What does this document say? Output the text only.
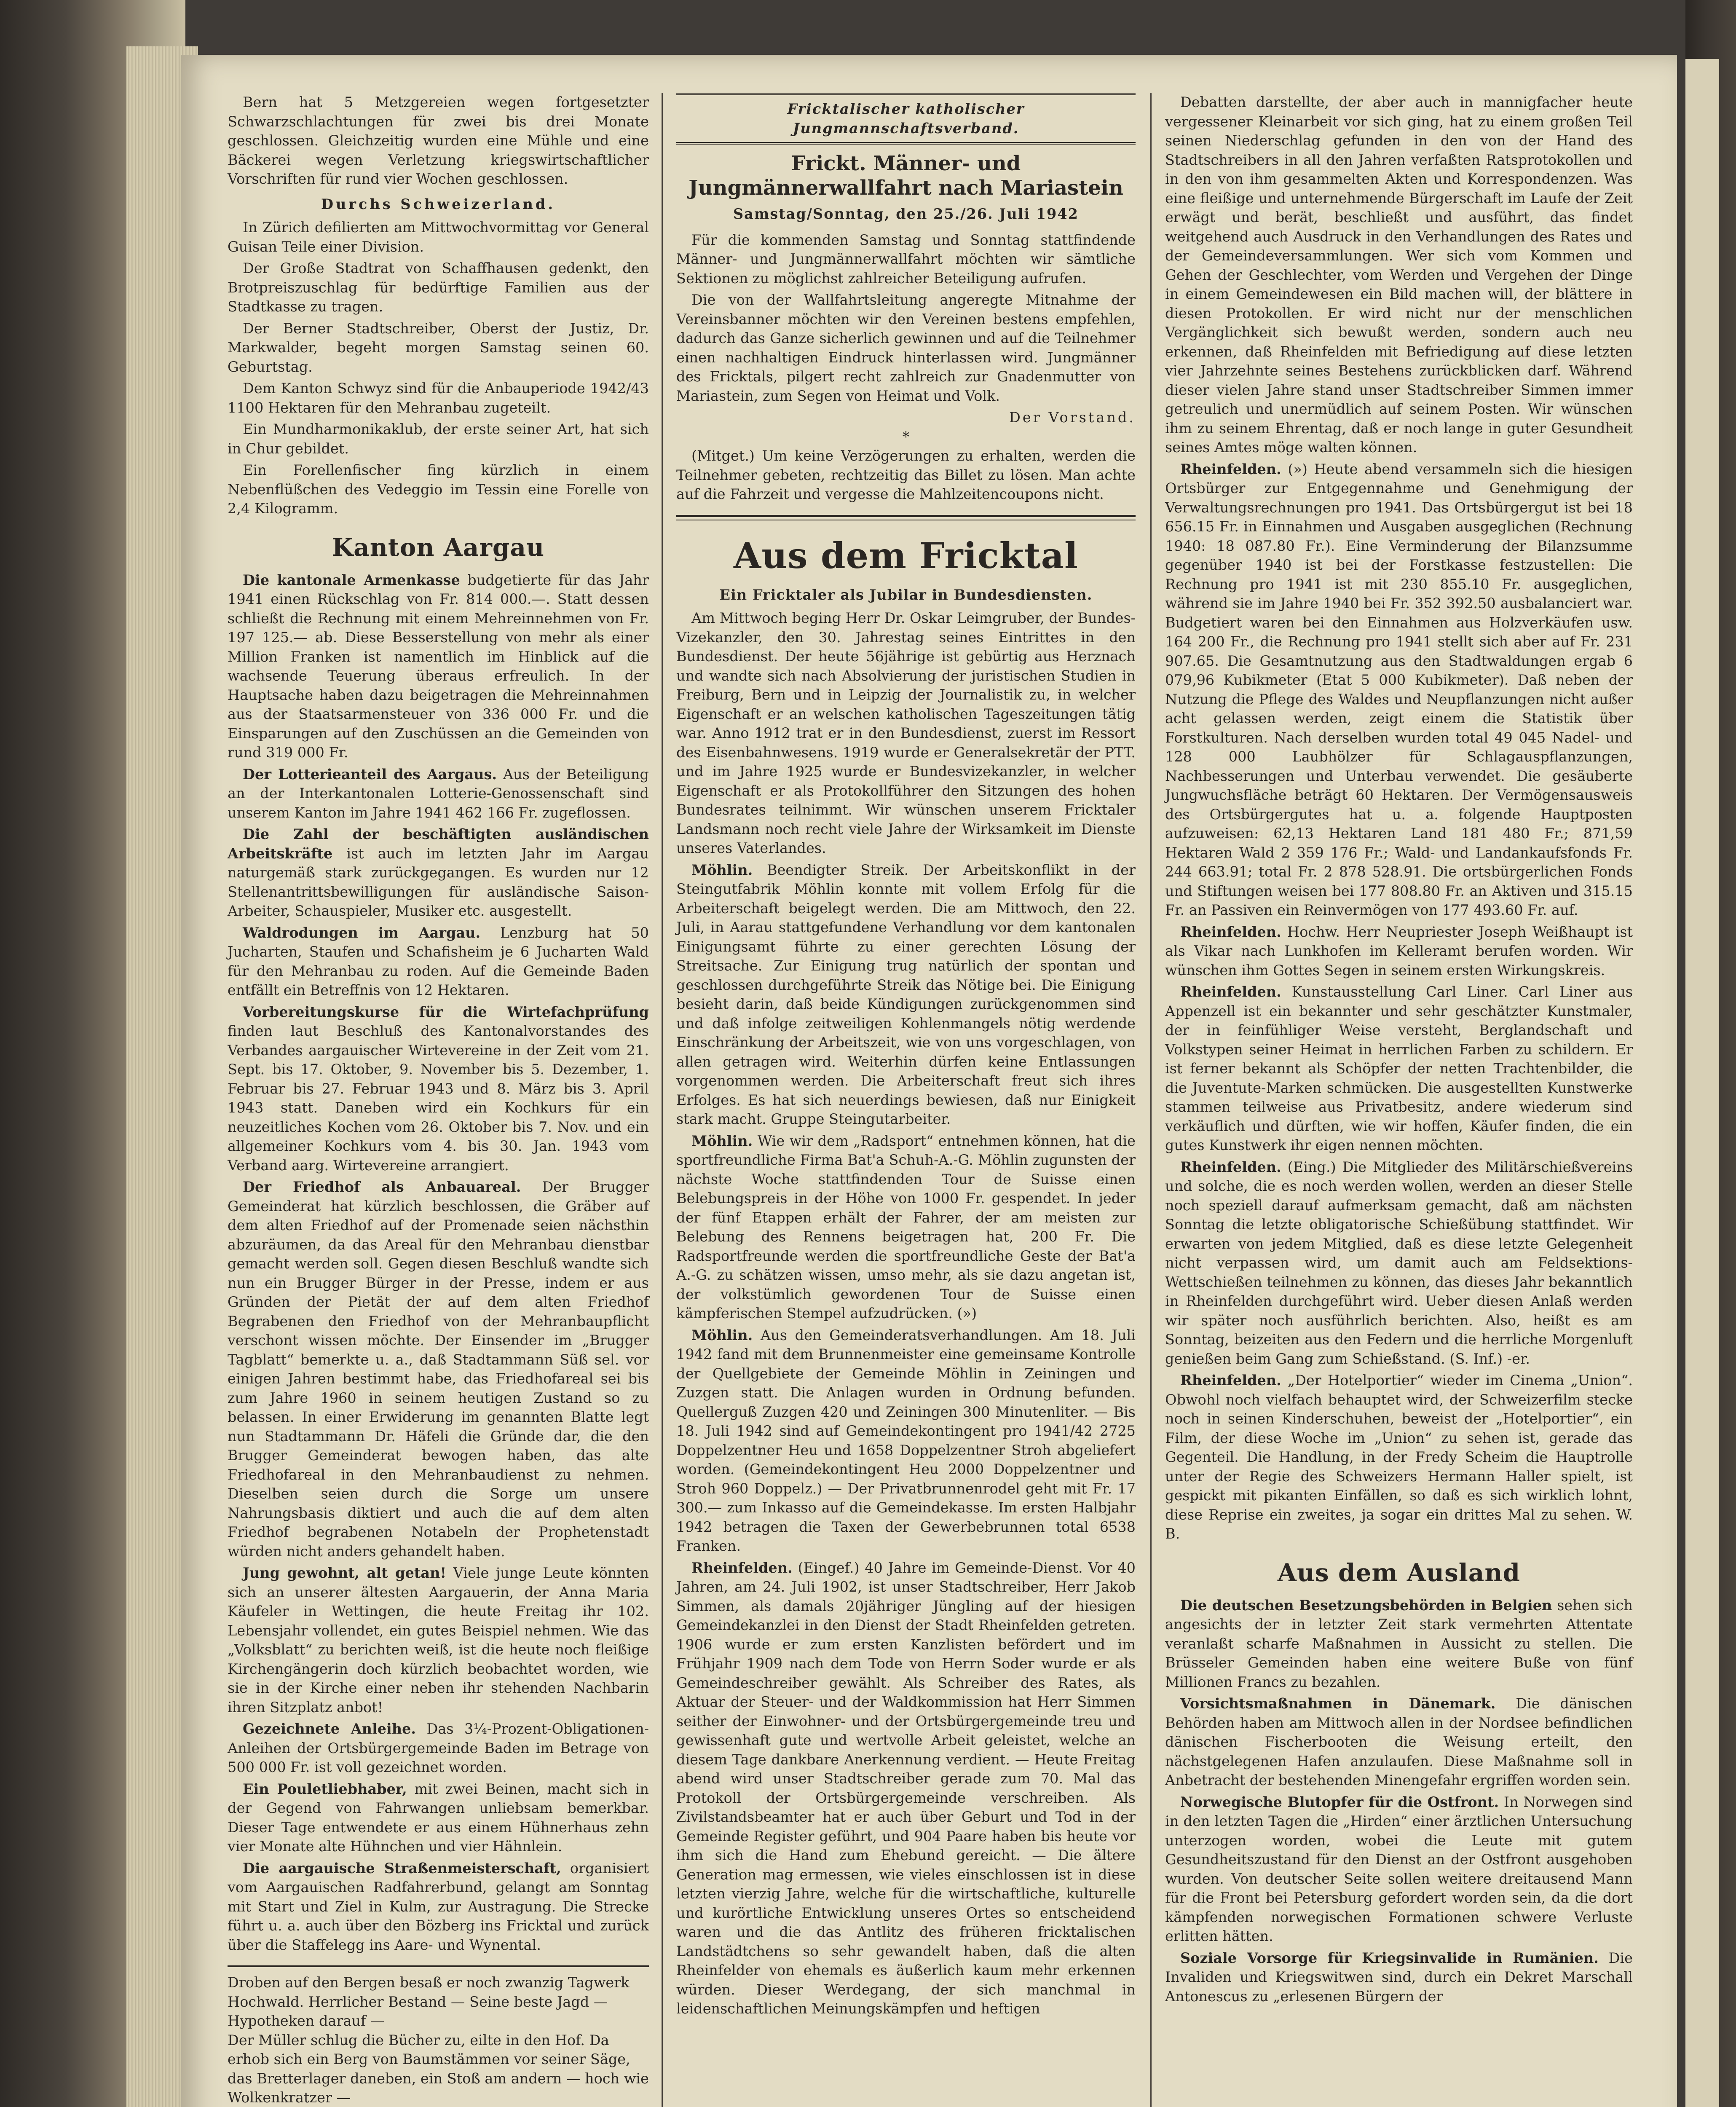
Bern hat 5 Metzgereien wegen fortgesetzter Schwarzschlachtungen für zwei bis drei Monate geschlossen. Gleichzeitig wurden eine Mühle und eine Bäckerei wegen Verletzung kriegswirtschaftlicher Vorschriften für rund vier Wochen geschlossen.

Durchs Schweizerland.

In Zürich defilierten am Mittwochvormittag vor General Guisan Teile einer Division.

Der Große Stadtrat von Schaffhausen gedenkt, den Brotpreiszuschlag für bedürftige Familien aus der Stadtkasse zu tragen.

Der Berner Stadtschreiber, Oberst der Justiz, Dr. Markwalder, begeht morgen Samstag seinen 60. Geburtstag.

Dem Kanton Schwyz sind für die Anbauperiode 1942/43 1100 Hektaren für den Mehranbau zugeteilt.

Ein Mundharmonikaklub, der erste seiner Art, hat sich in Chur gebildet.

Ein Forellenfischer fing kürzlich in einem Nebenflüßchen des Vedeggio im Tessin eine Forelle von 2,4 Kilogramm.

Kanton Aargau

Die kantonale Armenkasse budgetierte für das Jahr 1941 einen Rückschlag von Fr. 814 000.—. Statt dessen schließt die Rechnung mit einem Mehreinnehmen von Fr. 197 125.— ab. Diese Besserstellung von mehr als einer Million Franken ist namentlich im Hinblick auf die wachsende Teuerung überaus erfreulich. In der Hauptsache haben dazu beigetragen die Mehreinnahmen aus der Staatsarmensteuer von 336 000 Fr. und die Einsparungen auf den Zuschüssen an die Gemeinden von rund 319 000 Fr.

Der Lotterieanteil des Aargaus. Aus der Beteiligung an der Interkantonalen Lotterie-Genossenschaft sind unserem Kanton im Jahre 1941 462 166 Fr. zugeflossen.

Die Zahl der beschäftigten ausländischen Arbeitskräfte ist auch im letzten Jahr im Aargau naturgemäß stark zurückgegangen. Es wurden nur 12 Stellenantrittsbewilligungen für ausländische Saison-Arbeiter, Schauspieler, Musiker etc. ausgestellt.

Waldrodungen im Aargau. Lenzburg hat 50 Jucharten, Staufen und Schafisheim je 6 Jucharten Wald für den Mehranbau zu roden. Auf die Gemeinde Baden entfällt ein Betreffnis von 12 Hektaren.

Vorbereitungskurse für die Wirtefachprüfung finden laut Beschluß des Kantonalvorstandes des Verbandes aargauischer Wirtevereine in der Zeit vom 21. Sept. bis 17. Oktober, 9. November bis 5. Dezember, 1. Februar bis 27. Februar 1943 und 8. März bis 3. April 1943 statt. Daneben wird ein Kochkurs für ein neuzeitliches Kochen vom 26. Oktober bis 7. Nov. und ein allgemeiner Kochkurs vom 4. bis 30. Jan. 1943 vom Verband aarg. Wirtevereine arrangiert.

Der Friedhof als Anbauareal. Der Brugger Gemeinderat hat kürzlich beschlossen, die Gräber auf dem alten Friedhof auf der Promenade seien nächsthin abzuräumen, da das Areal für den Mehranbau dienstbar gemacht werden soll. Gegen diesen Beschluß wandte sich nun ein Brugger Bürger in der Presse, indem er aus Gründen der Pietät der auf dem alten Friedhof Begrabenen den Friedhof von der Mehranbaupflicht verschont wissen möchte. Der Einsender im „Brugger Tagblatt“ bemerkte u. a., daß Stadtammann Süß sel. vor einigen Jahren bestimmt habe, das Friedhofareal sei bis zum Jahre 1960 in seinem heutigen Zustand so zu belassen. In einer Erwiderung im genannten Blatte legt nun Stadtammann Dr. Häfeli die Gründe dar, die den Brugger Gemeinderat bewogen haben, das alte Friedhofareal in den Mehranbaudienst zu nehmen. Dieselben seien durch die Sorge um unsere Nahrungsbasis diktiert und auch die auf dem alten Friedhof begrabenen Notabeln der Prophetenstadt würden nicht anders gehandelt haben.

Jung gewohnt, alt getan! Viele junge Leute könnten sich an unserer ältesten Aargauerin, der Anna Maria Käufeler in Wettingen, die heute Freitag ihr 102. Lebensjahr vollendet, ein gutes Beispiel nehmen. Wie das „Volksblatt“ zu berichten weiß, ist die heute noch fleißige Kirchengängerin doch kürzlich beobachtet worden, wie sie in der Kirche einer neben ihr stehenden Nachbarin ihren Sitzplatz anbot!

Gezeichnete Anleihe. Das 3¼-Prozent-Obligationen-Anleihen der Ortsbürgergemeinde Baden im Betrage von 500 000 Fr. ist voll gezeichnet worden.

Ein Pouletliebhaber, mit zwei Beinen, macht sich in der Gegend von Fahrwangen unliebsam bemerkbar. Dieser Tage entwendete er aus einem Hühnerhaus zehn vier Monate alte Hühnchen und vier Hähnlein.

Die aargauische Straßenmeisterschaft, organisiert vom Aargauischen Radfahrerbund, gelangt am Sonntag mit Start und Ziel in Kulm, zur Austragung. Die Strecke führt u. a. auch über den Bözberg ins Fricktal und zurück über die Staffelegg ins Aare- und Wynental.

Droben auf den Bergen besaß er noch zwanzig Tagwerk Hochwald. Herrlicher Bestand — Seine beste Jagd — Hypotheken darauf —

Der Müller schlug die Bücher zu, eilte in den Hof. Da erhob sich ein Berg von Baumstämmen vor seiner Säge, das Bretterlager daneben, ein Stoß am andern — hoch wie Wolkenkratzer —

Fricktalischer katholischer Jungmannschaftsverband.
Frickt. Männer- und Jungmännerwallfahrt nach Mariastein
Samstag/Sonntag, den 25./26. Juli 1942

Für die kommenden Samstag und Sonntag stattfindende Männer- und Jungmännerwallfahrt möchten wir sämtliche Sektionen zu möglichst zahlreicher Beteiligung aufrufen.

Die von der Wallfahrtsleitung angeregte Mitnahme der Vereinsbanner möchten wir den Vereinen bestens empfehlen, dadurch das Ganze sicherlich gewinnen und auf die Teilnehmer einen nachhaltigen Eindruck hinterlassen wird. Jungmänner des Fricktals, pilgert recht zahlreich zur Gnadenmutter von Mariastein, zum Segen von Heimat und Volk.

Der Vorstand.
*

(Mitget.) Um keine Verzögerungen zu erhalten, werden die Teilnehmer gebeten, rechtzeitig das Billet zu lösen. Man achte auf die Fahrzeit und vergesse die Mahlzeitencoupons nicht.

Aus dem Fricktal
Ein Fricktaler als Jubilar in Bundesdiensten.

Am Mittwoch beging Herr Dr. Oskar Leimgruber, der Bundes-Vizekanzler, den 30. Jahrestag seines Eintrittes in den Bundesdienst. Der heute 56jährige ist gebürtig aus Herznach und wandte sich nach Absolvierung der juristischen Studien in Freiburg, Bern und in Leipzig der Journalistik zu, in welcher Eigenschaft er an welschen katholischen Tageszeitungen tätig war. Anno 1912 trat er in den Bundesdienst, zuerst im Ressort des Eisenbahnwesens. 1919 wurde er Generalsekretär der PTT. und im Jahre 1925 wurde er Bundesvizekanzler, in welcher Eigenschaft er als Protokollführer den Sitzungen des hohen Bundesrates teilnimmt. Wir wünschen unserem Fricktaler Landsmann noch recht viele Jahre der Wirksamkeit im Dienste unseres Vaterlandes.

Möhlin. Beendigter Streik. Der Arbeitskonflikt in der Steingutfabrik Möhlin konnte mit vollem Erfolg für die Arbeiterschaft beigelegt werden. Die am Mittwoch, den 22. Juli, in Aarau stattgefundene Verhandlung vor dem kantonalen Einigungsamt führte zu einer gerechten Lösung der Streitsache. Zur Einigung trug natürlich der spontan und geschlossen durchgeführte Streik das Nötige bei. Die Einigung besieht darin, daß beide Kündigungen zurückgenommen sind und daß infolge zeitweiligen Kohlenmangels nötig werdende Einschränkung der Arbeitszeit, wie von uns vorgeschlagen, von allen getragen wird. Weiterhin dürfen keine Entlassungen vorgenommen werden. Die Arbeiterschaft freut sich ihres Erfolges. Es hat sich neuerdings bewiesen, daß nur Einigkeit stark macht. Gruppe Steingutarbeiter.

Möhlin. Wie wir dem „Radsport“ entnehmen können, hat die sportfreundliche Firma Bat'a Schuh-A.-G. Möhlin zugunsten der nächste Woche stattfindenden Tour de Suisse einen Belebungspreis in der Höhe von 1000 Fr. gespendet. In jeder der fünf Etappen erhält der Fahrer, der am meisten zur Belebung des Rennens beigetragen hat, 200 Fr. Die Radsportfreunde werden die sportfreundliche Geste der Bat'a A.-G. zu schätzen wissen, umso mehr, als sie dazu angetan ist, der volkstümlich gewordenen Tour de Suisse einen kämpferischen Stempel aufzudrücken. (»)

Möhlin. Aus den Gemeinderatsverhandlungen. Am 18. Juli 1942 fand mit dem Brunnenmeister eine gemeinsame Kontrolle der Quellgebiete der Gemeinde Möhlin in Zeiningen und Zuzgen statt. Die Anlagen wurden in Ordnung befunden. Quellerguß Zuzgen 420 und Zeiningen 300 Minutenliter. — Bis 18. Juli 1942 sind auf Gemeindekontingent pro 1941/42 2725 Doppelzentner Heu und 1658 Doppelzentner Stroh abgeliefert worden. (Gemeindekontingent Heu 2000 Doppelzentner und Stroh 960 Doppelz.) — Der Privatbrunnenrodel geht mit Fr. 17 300.— zum Inkasso auf die Gemeindekasse. Im ersten Halbjahr 1942 betragen die Taxen der Gewerbebrunnen total 6538 Franken.

Rheinfelden. (Eingef.) 40 Jahre im Gemeinde-Dienst. Vor 40 Jahren, am 24. Juli 1902, ist unser Stadtschreiber, Herr Jakob Simmen, als damals 20jähriger Jüngling auf der hiesigen Gemeindekanzlei in den Dienst der Stadt Rheinfelden getreten. 1906 wurde er zum ersten Kanzlisten befördert und im Frühjahr 1909 nach dem Tode von Herrn Soder wurde er als Gemeindeschreiber gewählt. Als Schreiber des Rates, als Aktuar der Steuer- und der Waldkommission hat Herr Simmen seither der Einwohner- und der Ortsbürgergemeinde treu und gewissenhaft gute und wertvolle Arbeit geleistet, welche an diesem Tage dankbare Anerkennung verdient. — Heute Freitag abend wird unser Stadtschreiber gerade zum 70. Mal das Protokoll der Ortsbürgergemeinde verschreiben. Als Zivilstandsbeamter hat er auch über Geburt und Tod in der Gemeinde Register geführt, und 904 Paare haben bis heute vor ihm sich die Hand zum Ehebund gereicht. — Die ältere Generation mag ermessen, wie vieles einschlossen ist in diese letzten vierzig Jahre, welche für die wirtschaftliche, kulturelle und kurörtliche Entwicklung unseres Ortes so entscheidend waren und die das Antlitz des früheren fricktalischen Landstädtchens so sehr gewandelt haben, daß die alten Rheinfelder von ehemals es äußerlich kaum mehr erkennen würden. Dieser Werdegang, der sich manchmal in leidenschaftlichen Meinungskämpfen und heftigen

Debatten darstellte, der aber auch in mannigfacher heute vergessener Kleinarbeit vor sich ging, hat zu einem großen Teil seinen Niederschlag gefunden in den von der Hand des Stadtschreibers in all den Jahren verfaßten Ratsprotokollen und in den von ihm gesammelten Akten und Korrespondenzen. Was eine fleißige und unternehmende Bürgerschaft im Laufe der Zeit erwägt und berät, beschließt und ausführt, das findet weitgehend auch Ausdruck in den Verhandlungen des Rates und der Gemeindeversammlungen. Wer sich vom Kommen und Gehen der Geschlechter, vom Werden und Vergehen der Dinge in einem Gemeindewesen ein Bild machen will, der blättere in diesen Protokollen. Er wird nicht nur der menschlichen Vergänglichkeit sich bewußt werden, sondern auch neu erkennen, daß Rheinfelden mit Befriedigung auf diese letzten vier Jahrzehnte seines Bestehens zurückblicken darf. Während dieser vielen Jahre stand unser Stadtschreiber Simmen immer getreulich und unermüdlich auf seinem Posten. Wir wünschen ihm zu seinem Ehrentag, daß er noch lange in guter Gesundheit seines Amtes möge walten können.

Rheinfelden. (») Heute abend versammeln sich die hiesigen Ortsbürger zur Entgegennahme und Genehmigung der Verwaltungsrechnungen pro 1941. Das Ortsbürgergut ist bei 18 656.15 Fr. in Einnahmen und Ausgaben ausgeglichen (Rechnung 1940: 18 087.80 Fr.). Eine Verminderung der Bilanzsumme gegenüber 1940 ist bei der Forstkasse festzustellen: Die Rechnung pro 1941 ist mit 230 855.10 Fr. ausgeglichen, während sie im Jahre 1940 bei Fr. 352 392.50 ausbalanciert war. Budgetiert waren bei den Einnahmen aus Holzverkäufen usw. 164 200 Fr., die Rechnung pro 1941 stellt sich aber auf Fr. 231 907.65. Die Gesamtnutzung aus den Stadtwaldungen ergab 6 079,96 Kubikmeter (Etat 5 000 Kubikmeter). Daß neben der Nutzung die Pflege des Waldes und Neupflanzungen nicht außer acht gelassen werden, zeigt einem die Statistik über Forstkulturen. Nach derselben wurden total 49 045 Nadel- und 128 000 Laubhölzer für Schlagauspflanzungen, Nachbesserungen und Unterbau verwendet. Die gesäuberte Jungwuchsfläche beträgt 60 Hektaren. Der Vermögensausweis des Ortsbürgergutes hat u. a. folgende Hauptposten aufzuweisen: 62,13 Hektaren Land 181 480 Fr.; 871,59 Hektaren Wald 2 359 176 Fr.; Wald- und Landankaufsfonds Fr. 244 663.91; total Fr. 2 878 528.91. Die ortsbürgerlichen Fonds und Stiftungen weisen bei 177 808.80 Fr. an Aktiven und 315.15 Fr. an Passiven ein Reinvermögen von 177 493.60 Fr. auf.

Rheinfelden. Hochw. Herr Neupriester Joseph Weißhaupt ist als Vikar nach Lunkhofen im Kelleramt berufen worden. Wir wünschen ihm Gottes Segen in seinem ersten Wirkungskreis.

Rheinfelden. Kunstausstellung Carl Liner. Carl Liner aus Appenzell ist ein bekannter und sehr geschätzter Kunstmaler, der in feinfühliger Weise versteht, Berglandschaft und Volkstypen seiner Heimat in herrlichen Farben zu schildern. Er ist ferner bekannt als Schöpfer der netten Trachtenbilder, die die Juventute-Marken schmücken. Die ausgestellten Kunstwerke stammen teilweise aus Privatbesitz, andere wiederum sind verkäuflich und dürften, wie wir hoffen, Käufer finden, die ein gutes Kunstwerk ihr eigen nennen möchten.

Rheinfelden. (Eing.) Die Mitglieder des Militärschießvereins und solche, die es noch werden wollen, werden an dieser Stelle noch speziell darauf aufmerksam gemacht, daß am nächsten Sonntag die letzte obligatorische Schießübung stattfindet. Wir erwarten von jedem Mitglied, daß es diese letzte Gelegenheit nicht verpassen wird, um damit auch am Feldsektions-Wettschießen teilnehmen zu können, das dieses Jahr bekanntlich in Rheinfelden durchgeführt wird. Ueber diesen Anlaß werden wir später noch ausführlich berichten. Also, heißt es am Sonntag, beizeiten aus den Federn und die herrliche Morgenluft genießen beim Gang zum Schießstand. (S. Inf.) -er.

Rheinfelden. „Der Hotelportier“ wieder im Cinema „Union“. Obwohl noch vielfach behauptet wird, der Schweizerfilm stecke noch in seinen Kinderschuhen, beweist der „Hotelportier“, ein Film, der diese Woche im „Union“ zu sehen ist, gerade das Gegenteil. Die Handlung, in der Fredy Scheim die Hauptrolle unter der Regie des Schweizers Hermann Haller spielt, ist gespickt mit pikanten Einfällen, so daß es sich wirklich lohnt, diese Reprise ein zweites, ja sogar ein drittes Mal zu sehen. W. B.

Aus dem Ausland

Die deutschen Besetzungsbehörden in Belgien sehen sich angesichts der in letzter Zeit stark vermehrten Attentate veranlaßt scharfe Maßnahmen in Aussicht zu stellen. Die Brüsseler Gemeinden haben eine weitere Buße von fünf Millionen Francs zu bezahlen.

Vorsichtsmaßnahmen in Dänemark. Die dänischen Behörden haben am Mittwoch allen in der Nordsee befindlichen dänischen Fischerbooten die Weisung erteilt, den nächstgelegenen Hafen anzulaufen. Diese Maßnahme soll in Anbetracht der bestehenden Minengefahr ergriffen worden sein.

Norwegische Blutopfer für die Ostfront. In Norwegen sind in den letzten Tagen die „Hirden“ einer ärztlichen Untersuchung unterzogen worden, wobei die Leute mit gutem Gesundheitszustand für den Dienst an der Ostfront ausgehoben wurden. Von deutscher Seite sollen weitere dreitausend Mann für die Front bei Petersburg gefordert worden sein, da die dort kämpfenden norwegischen Formationen schwere Verluste erlitten hätten.

Soziale Vorsorge für Kriegsinvalide in Rumänien. Die Invaliden und Kriegswitwen sind, durch ein Dekret Marschall Antonescus zu „erlesenen Bürgern der
